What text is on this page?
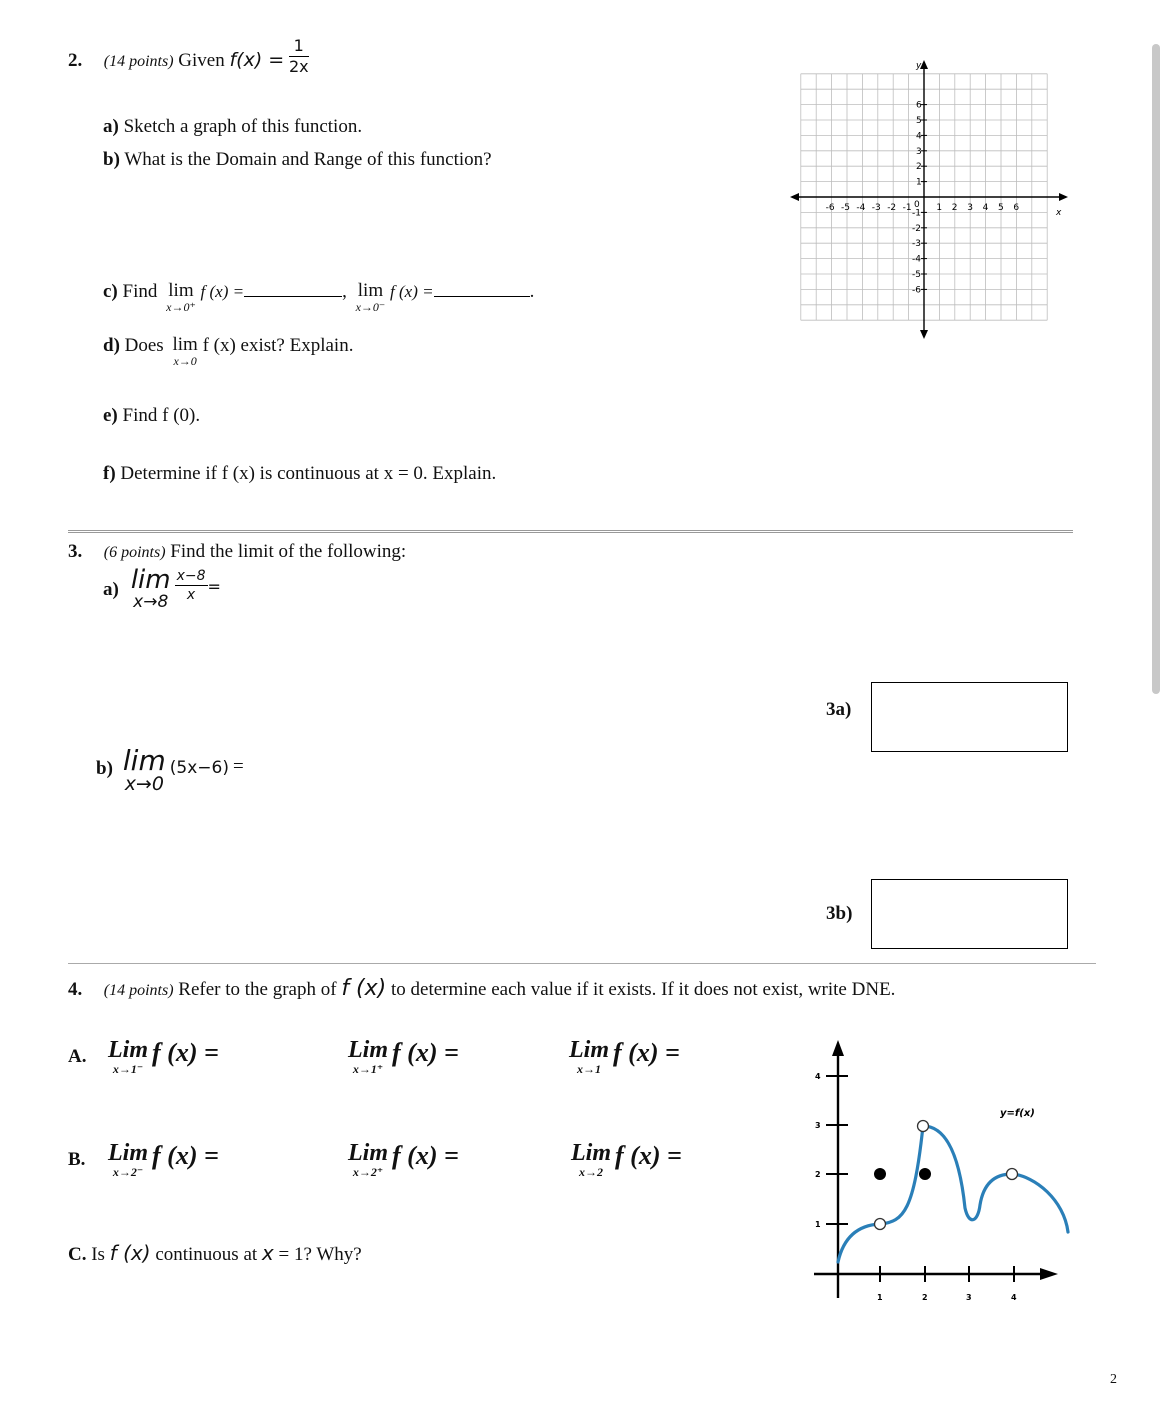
2. (14 points) Given $f(x) = \frac{1}{2x}$
a) Sketch a graph of this function.
b) What is the Domain and Range of this function?
c) Find lim
x→0⁺
f (x) =	, lim
x→0⁻
f (x) =	.
d) Does lim
x→0
f (x) exist? Explain.
e) Find f (0).
f) Determine if f (x) is continuous at x = 0. Explain.
y
x
0
-6 -5 -4 -3 -2 -1	1 2 3 4 5 6
6
5
4
3
2
1
-1
-2
-3
-4
-5
-6
3. (6 points) Find the limit of the following:
a) lim
x→8

$\frac{x-8}{x}$ =
b) lim
x→0
(5x−6) =
3a)
3b)
4. (14 points) Refer to the graph of f (x) to determine each value if it exists. If it does not exist, write DNE.
A. Lim
x→1⁻
f (x) =	Lim
x→1⁺
f (x) =	Lim
x→1
f (x) =
B. Lim
x→2⁻
f (x) =	Lim
x→2⁺
f (x) =	Lim
x→2
f (x) =
C. Is f (x) continuous at x = 1? Why?
1	2	3	4
1
2
3
4
y=f(x)
2
